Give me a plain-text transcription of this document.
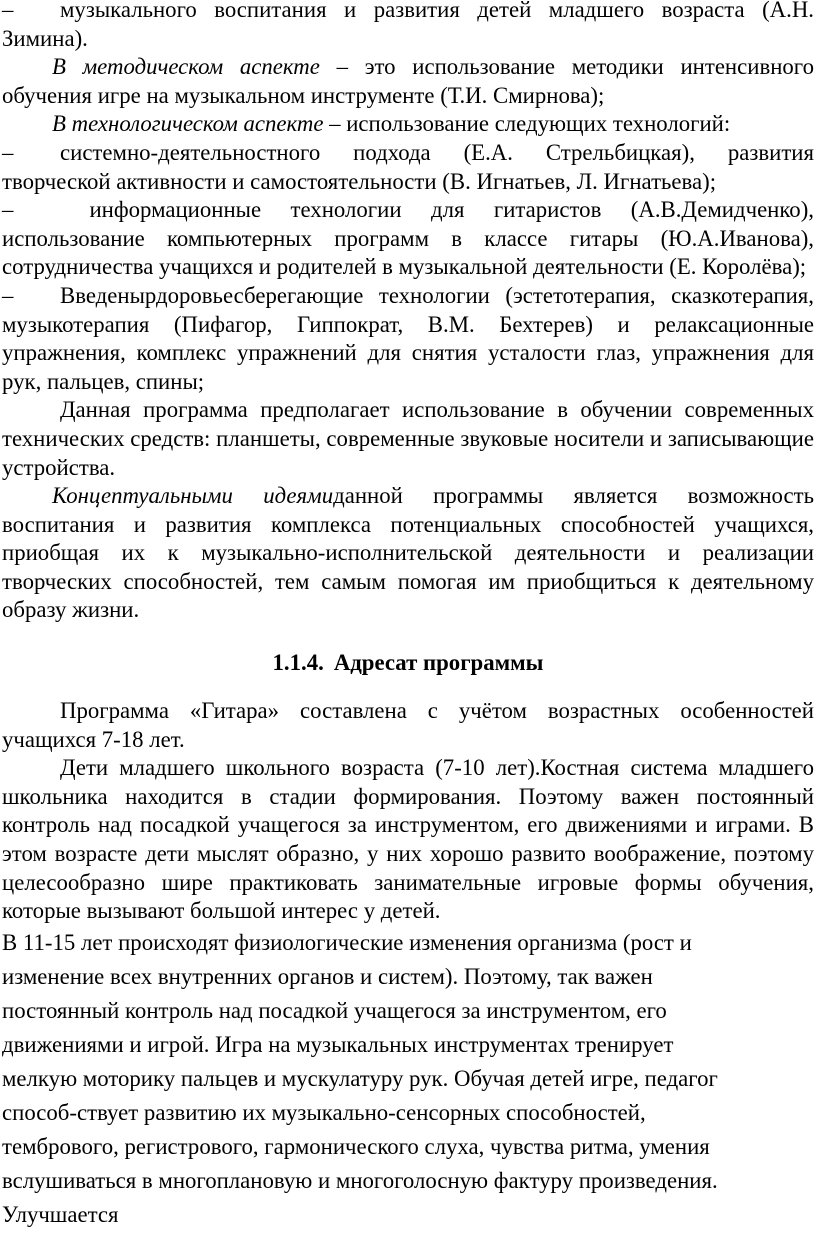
– музыкального воспитания и развития детей младшего возраста (А.Н. Зимина).

В методическом аспекте – это использование методики интенсивного обучения игре на музыкальном инструменте (Т.И. Смирнова);

В технологическом аспекте – использование следующих технологий:

– системно-деятельностного подхода (Е.А. Стрельбицкая), развития творческой активности и самостоятельности (В. Игнатьев, Л. Игнатьева);

– информационные технологии для гитаристов (А.В.Демидченко), использование компьютерных программ в классе гитары (Ю.А.Иванова), сотрудничества учащихся и родителей в музыкальной деятельности (Е. Королёва);

– Введенырдоровьесберегающие технологии (эстетотерапия, сказкотерапия, музыкотерапия (Пифагор, Гиппократ, В.М. Бехтерев) и релаксационные упражнения, комплекс упражнений для снятия усталости глаз, упражнения для рук, пальцев, спины;

Данная программа предполагает использование в обучении современных технических средств: планшеты, современные звуковые носители и записывающие устройства.

Концептуальными идеямиданной программы является возможность воспитания и развития комплекса потенциальных способностей учащихся, приобщая их к музыкально-исполнительской деятельности и реализации творческих способностей, тем самым помогая им приобщиться к деятельному образу жизни.

1.1.4. Адресат программы

Программа «Гитара» составлена с учётом возрастных особенностей учащихся 7-18 лет.

Дети младшего школьного возраста (7-10 лет).Костная система младшего школьника находится в стадии формирования. Поэтому важен постоянный контроль над посадкой учащегося за инструментом, его движениями и играми. В этом возрасте дети мыслят образно, у них хорошо развито воображение, поэтому целесообразно шире практиковать занимательные игровые формы обучения, которые вызывают большой интерес у детей.

В 11-15 лет происходят физиологические изменения организма (рост и изменение всех внутренних органов и систем). Поэтому, так важен постоянный контроль над посадкой учащегося за инструментом, его движениями и игрой. Игра на музыкальных инструментах тренирует мелкую моторику пальцев и мускулатуру рук. Обучая детей игре, педагог способ-ствует развитию их музыкально-сенсорных способностей, тембрового, регистрового, гармонического слуха, чувства ритма, умения вслушиваться в многоплановую и многоголосную фактуру произведения. Улучшается
